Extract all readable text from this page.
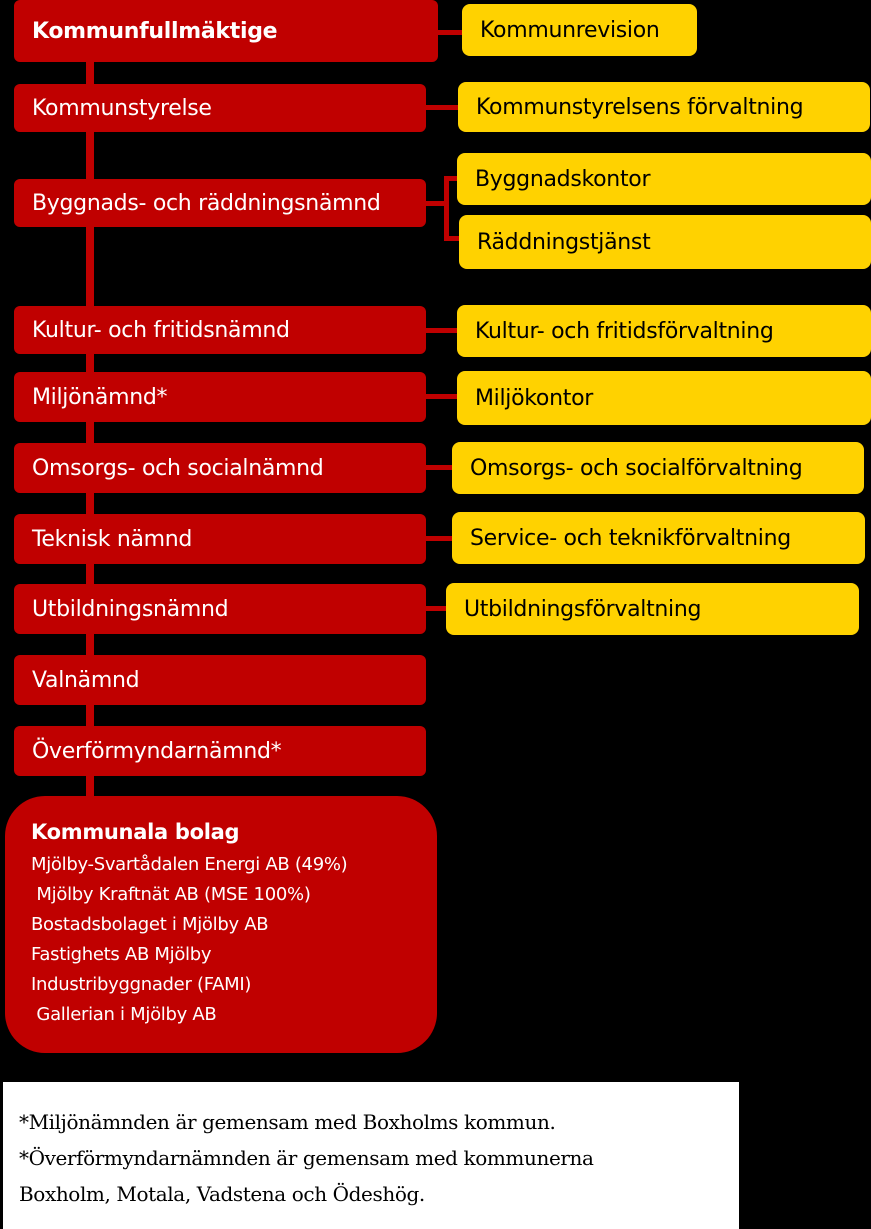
Kommunfullmäktige	Kommunrevision
Kommunstyrelse
Byggnads- och räddningsnämnd
Kultur- och fritidsnämnd
Miljönämnd*
Omsorgs- och socialnämnd
Teknisk nämnd
Utbildningsnämnd
Valnämnd
Överförmyndarnämnd*
Kommunstyrelsens förvaltning
Byggnadskontor
Räddningstjänst
Kultur- och fritidsförvaltning
Miljökontor
Omsorgs- och socialförvaltning
Service- och teknikförvaltning
Utbildningsförvaltning
Kommunala bolag
Mjölby-Svartådalen Energi AB (49%)
Mjölby Kraftnät AB (MSE 100%)
Bostadsbolaget i Mjölby AB
Fastighets AB Mjölby
Industribyggnader (FAMI)
Gallerian i Mjölby AB
*Miljönämnden är gemensam med Boxholms kommun.
*Överförmyndarnämnden är gemensam med kommunerna
Boxholm, Motala, Vadstena och Ödeshög.
